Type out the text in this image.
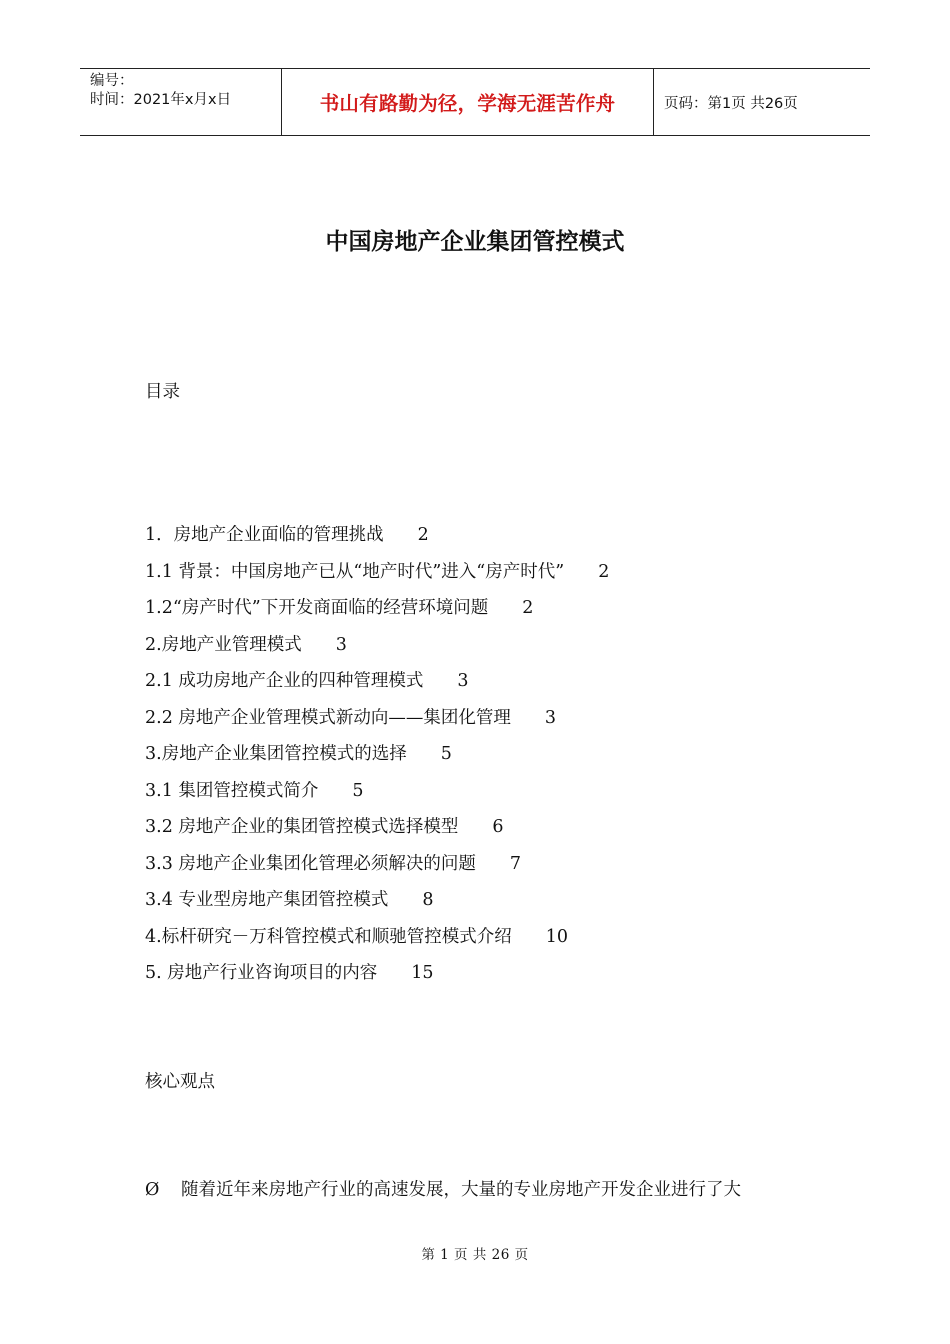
编号：
时间：2021年x月x日	书山有路勤为径，学海无涯苦作舟	页码：第1页 共26页
中国房地产企业集团管控模式
目录
1．房地产企业面临的管理挑战 2
1.1 背景：中国房地产已从“地产时代”进入“房产时代” 2
1.2“房产时代”下开发商面临的经营环境问题 2
2.房地产业管理模式 3
2.1 成功房地产企业的四种管理模式 3
2.2 房地产企业管理模式新动向——集团化管理 3
3.房地产企业集团管控模式的选择 5
3.1 集团管控模式简介 5
3.2 房地产企业的集团管控模式选择模型 6
3.3 房地产企业集团化管理必须解决的问题 7
3.4 专业型房地产集团管控模式 8
4.标杆研究－万科管控模式和顺驰管控模式介绍 10
5. 房地产行业咨询项目的内容 15
核心观点
Ø 随着近年来房地产行业的高速发展，大量的专业房地产开发企业进行了大
第 1 页 共 26 页
